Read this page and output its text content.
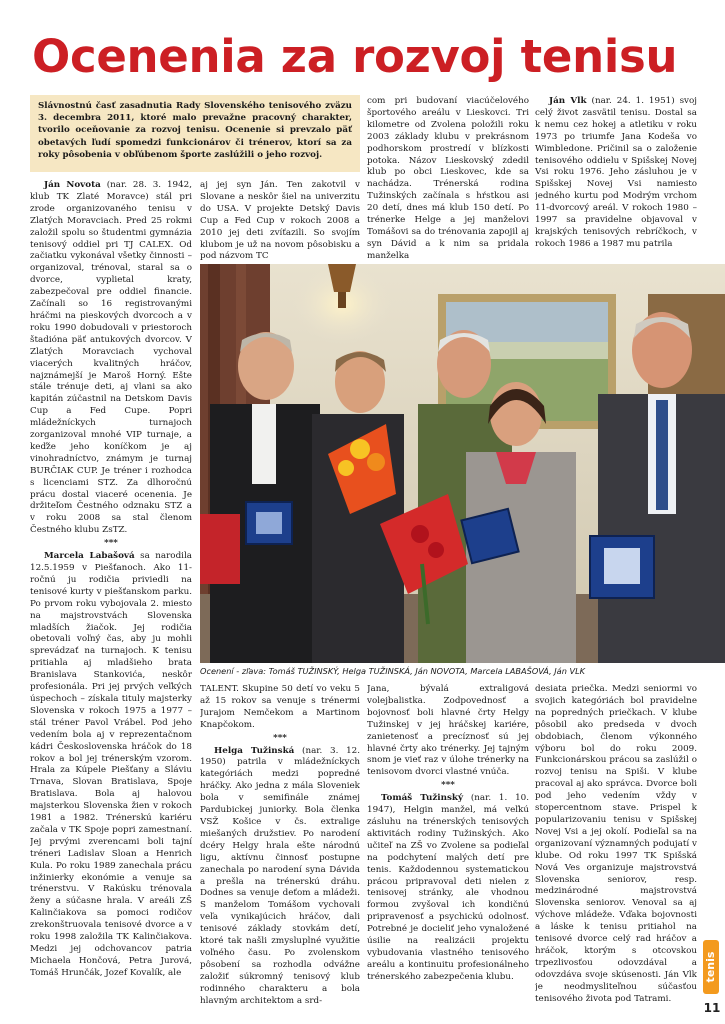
Ocenenia za rozvoj tenisu
Slávnostnú časť zasadnutia Rady Slovenského tenisového zväzu 3. decembra 2011, ktoré malo prevažne pracovný charakter, tvorilo oceňovanie za rozvoj tenisu. Ocenenie si prevzalo päť obetavých ľudí spomedzi funkcionárov či trénerov, ktorí sa za roky pôsobenia v obľúbenom športe zaslúžili o jeho rozvoj.

Ján Novota (nar. 28. 3. 1942, klub TK Zlaté Moravce) stál pri zrode organizovaného tenisu v Zlatých Moravciach. Pred 25 rokmi založil spolu so študentmi gymnázia tenisový oddiel pri TJ CALEX. Od začiatku vykonával všetky činnosti – organizoval, trénoval, staral sa o dvorce, vyplietal kraty, zabezpečoval pre oddiel financie. Začínali so 16 registrovanými hráčmi na pieskových dvorcoch a v roku 1990 dobudovali v priestoroch štadióna päť antukových dvorcov. V Zlatých Moravciach vychoval viacerých kvalitných hráčov, najznámejší je Maroš Horný. Ešte stále trénuje deti, aj vlani sa ako kapitán zúčastnil na Detskom Davis Cup a Fed Cupe. Popri mládežníckych turnajoch zorganizoval mnohé VIP turnaje, a keďže jeho koníčkom je aj vinohradníctvo, známym je turnaj BURČIAK CUP. Je tréner i rozhodca s licenciami STZ. Za dlhoročnú prácu dostal viaceré ocenenia. Je držiteľom Čestného odznaku STZ a v roku 2008 sa stal členom Čestného klubu ZsTZ.

***

Marcela Labašová sa narodila 12.5.1959 v Piešťanoch. Ako 11-ročnú ju rodičia priviedli na tenisové kurty v piešťanskom parku. Po prvom roku vybojovala 2. miesto na majstrovstvách Slovenska mladších žiačok. Jej rodičia obetovali voľný čas, aby ju mohli sprevádzať na turnajoch. K tenisu pritiahla aj mladšieho brata Branislava Stankovića, neskôr profesionála. Pri jej prvých veľkých úspechoch – získala tituly majsterky Slovenska v rokoch 1975 a 1977 – stál tréner Pavol Vrábel. Pod jeho vedením bola aj v reprezentačnom kádri Československa hráčok do 18 rokov a bol jej trénerským vzorom. Hrala za Kúpele Piešťany a Sláviu Trnava, Slovan Bratislava, Spoje Bratislava. Bola aj halovou majsterkou Slovenska žien v rokoch 1981 a 1982. Trénerskú kariéru začala v TK Spoje popri zamestnaní. Jej prvými zverencami boli tajní tréneri Ladislav Sloan a Henrich Kula. Po roku 1989 zanechala prácu inžinierky ekonómie a venuje sa trénerstvu. V Rakúsku trénovala ženy a súčasne hrala. V areáli ZŠ Kalinčiakova sa pomoci rodičov zrekonštruovala tenisové dvorce a v roku 1998 založila TK Kalinčiakova. Medzi jej odchovancov patria Michaela Hončová, Petra Jurová, Tomáš Hrunčák, Jozef Kovalík, ale

aj jej syn Ján. Ten zakotvil v Slovane a neskôr šiel na univerzitu do USA. V projekte Detský Davis Cup a Fed Cup v rokoch 2008 a 2010 jej deti zvíťazili. So svojím klubom je už na novom pôsobisku a pod názvom TC

com pri budovaní viacúčelového športového areálu v Lieskovci. Tri kilometre od Zvolena položili roku 2003 základy klubu v prekrásnom podhorskom prostredí v blízkosti potoka. Názov Lieskovský zdedil klub po obci Lieskovec, kde sa nachádza. Trénerská rodina Tužinských začínala s hŕstkou asi 20 detí, dnes má klub 150 detí. Po trénerke Helge a jej manželovi Tomášovi sa do trénovania zapojil aj syn Dávid a k nim sa pridala manželka

Ján Vlk (nar. 24. 1. 1951) svoj celý život zasvätil tenisu. Dostal sa k nemu cez hokej a atletiku v roku 1973 po triumfe Jana Kodeša vo Wimbledone. Pričinil sa o založenie tenisového oddielu v Spišskej Novej Vsi roku 1976. Jeho zásluhou je v Spišskej Novej Vsi namiesto jedného kurtu pod Modrým vrchom 11-dvorcový areál. V rokoch 1980 – 1997 sa pravidelne objavoval v krajských tenisových rebríčkoch, v rokoch 1986 a 1987 mu patrila

TALENT. Skupine 50 detí vo veku 5 až 15 rokov sa venuje s trénermi Jurajom Nemčekom a Martinom Knapčokom.

***

Helga Tužinská (nar. 3. 12. 1950) patrila v mládežníckych kategóriách medzi popredné hráčky. Ako jedna z mála Sloveniek bola v semifinále známej Pardubickej juniorky. Bola členka VSŽ Košice v čs. extralige miešaných družstiev. Po narodení dcéry Helgy hrala ešte národnú ligu, aktívnu činnosť postupne zanechala po narodení syna Dávida a prešla na trénerskú dráhu. Dodnes sa venuje deťom a mládeži. S manželom Tomášom vychovali veľa vynikajúcich hráčov, dali tenisové základy stovkám detí, ktoré tak našli zmysluplné využitie voľného času. Po zvolenskom pôsobení sa rozhodla odvážne založiť súkromný tenisový klub rodinného charakteru a bola hlavným architektom a srd-

Jana, bývalá extraligová volejbalistka. Zodpovednosť a bojovnosť boli hlavné črty Helgy Tužinskej v jej hráčskej kariére, zanietenosť a precíznosť sú jej hlavné črty ako trénerky. Jej tajným snom je vieť raz v úlohe trénerky na tenisovom dvorci vlastné vnúča.

***

Tomáš Tužinský (nar. 1. 10. 1947), Helgin manžel, má veľkú zásluhu na trénerských tenisových aktivitách rodiny Tužinských. Ako učiteľ na ZŠ vo Zvolene sa podieľal na podchytení malých detí pre tenis. Každodennou systematickou prácou pripravoval deti nielen z tenisovej stránky, ale vhodnou formou zvyšoval ich kondičnú pripravenosť a psychickú odolnosť. Potrebné je docieliť jeho vynaložené úsilie na realizácii projektu vybudovania vlastného tenisového areálu a kontinuitu profesionálneho trénerského zabezpečenia klubu.

desiata priečka. Medzi seniormi vo svojich kategóriách bol pravidelne na popredných priečkach. V klube pôsobil ako predseda v dvoch obdobiach, členom výkonného výboru bol do roku 2009. Funkcionárskou prácou sa zaslúžil o rozvoj tenisu na Spiši. V klube pracoval aj ako správca. Dvorce boli pod jeho vedením vždy v stopercentnom stave. Prispel k popularizovaniu tenisu v Spišskej Novej Vsi a jej okolí. Podieľal sa na organizovaní významných podujatí v klube. Od roku 1997 TK Spišská Nová Ves organizuje majstrovstvá Slovenska seniorov, resp. medzinárodné majstrovstvá Slovenska seniorov. Venoval sa aj výchove mládeže. Vďaka bojovnosti a láske k tenisu pritiahol na tenisové dvorce celý rad hráčov a hráčok, ktorým s otcovskou trpezlivosťou odovzdával a odovzdáva svoje skúsenosti. Ján Vlk je neodmysliteľnou súčasťou tenisového života pod Tatrami.

Ocenení - zľava: Tomáš TUŽINSKÝ, Helga TUŽINSKÁ, Ján NOVOTA, Marcela LABAŠOVÁ, Ján VLK
tenis
11
